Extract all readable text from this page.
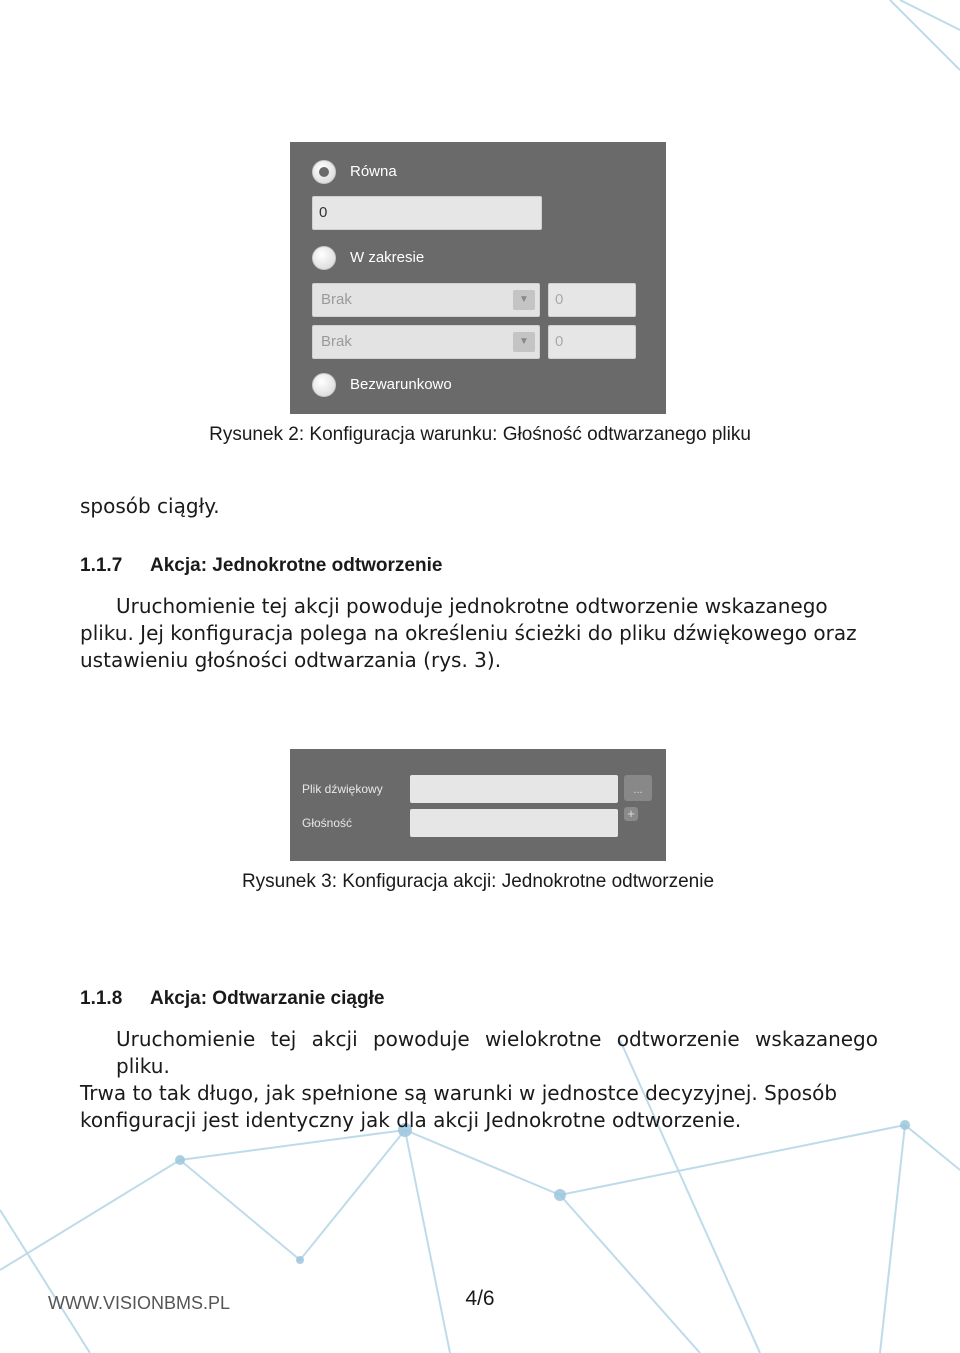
Równa
0
W zakresie
Brak	▼	0
Brak	▼	0
Bezwarunkowo
Rysunek 2: Konfiguracja warunku: Głośność odtwarzanego pliku
sposób ciągły.
1.1.7 Akcja: Jednokrotne odtworzenie
Uruchomienie tej akcji powoduje jednokrotne odtworzenie wskazanego
pliku. Jej konfiguracja polega na określeniu ścieżki do pliku dźwiękowego oraz
ustawieniu głośności odtwarzania (rys. 3).
Plik dźwiękowy	...
Głośność
+
Rysunek 3: Konfiguracja akcji: Jednokrotne odtworzenie
1.1.8 Akcja: Odtwarzanie ciągłe
Uruchomienie tej akcji powoduje wielokrotne odtworzenie wskazanego pliku.
Trwa to tak długo, jak spełnione są warunki w jednostce decyzyjnej. Sposób
konfiguracji jest identyczny jak dla akcji Jednokrotne odtworzenie.
WWW.VISIONBMS.PL	4/6
